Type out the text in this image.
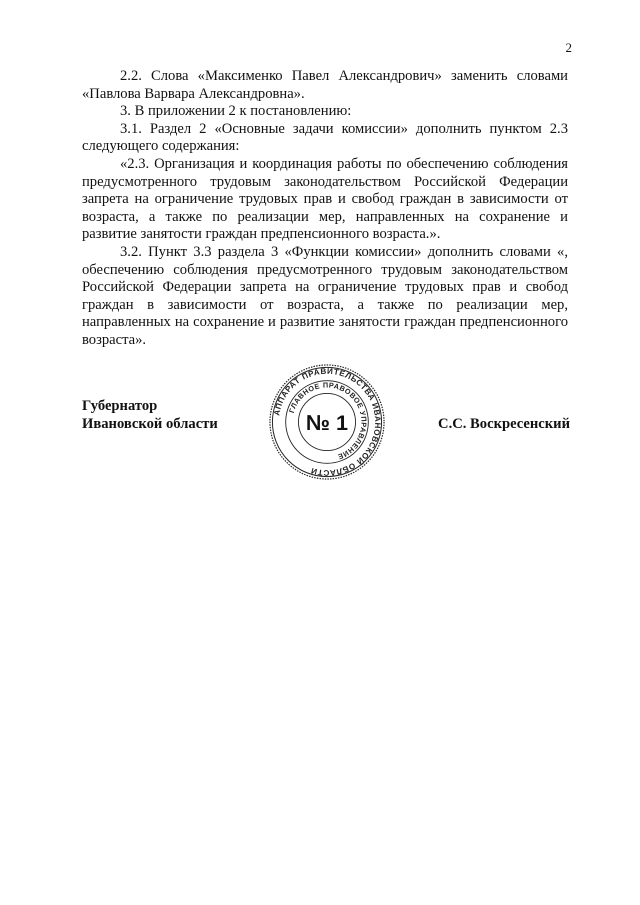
2

2.2. Слова «Максименко Павел Александрович» заменить словами «Павлова Варвара Александровна».

3. В приложении 2 к постановлению:

3.1. Раздел 2 «Основные задачи комиссии» дополнить пунктом 2.3 следующего содержания:

«2.3. Организация и координация работы по обеспечению соблюдения предусмотренного трудовым законодательством Российской Федерации запрета на ограничение трудовых прав и свобод граждан в зависимости от возраста, а также по реализации мер, направленных на сохранение и развитие занятости граждан предпенсионного возраста.».

3.2. Пункт 3.3 раздела 3 «Функции комиссии» дополнить словами «, обеспечению соблюдения предусмотренного трудовым законодательством Российской Федерации запрета на ограничение трудовых прав и свобод граждан в зависимости от возраста, а также по реализации мер, направленных на сохранение и развитие занятости граждан предпенсионного возраста».

Губернатор
Ивановской области
АППАРАТ ПРАВИТЕЛЬСТВА ИВАНОВСКОЙ ОБЛАСТИ
ГЛАВНОЕ ПРАВОВОЕ УПРАВЛЕНИЕ
№ 1	С.С. Воскресенский
